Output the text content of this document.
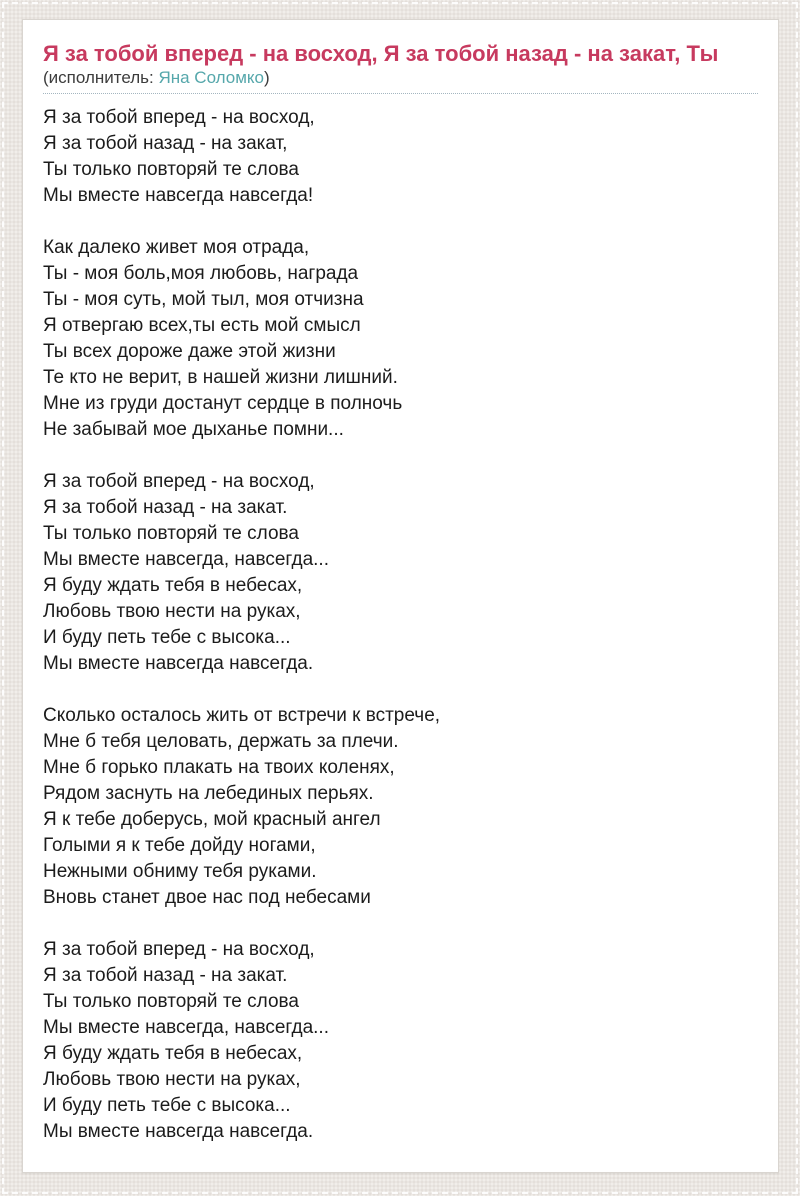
Я за тобой вперед - на восход, Я за тобой назад - на закат, Ты
(исполнитель: Яна Соломко)
Я за тобой вперед - на восход,
Я за тобой назад - на закат,
Ты только повторяй те слова
Мы вместе навсегда навсегда!

Как далеко живет моя отрада,
Ты - моя боль,моя любовь, награда
Ты - моя суть, мой тыл, моя отчизна
Я отвергаю всех,ты есть мой смысл
Ты всех дороже даже этой жизни
Те кто не верит, в нашей жизни лишний.
Мне из груди достанут сердце в полночь
Не забывай мое дыханье помни...

Я за тобой вперед - на восход,
Я за тобой назад - на закат.
Ты только повторяй те слова
Мы вместе навсегда, навсегда...
Я буду ждать тебя в небесах,
Любовь твою нести на руках,
И буду петь тебе с высока...
Мы вместе навсегда навсегда.

Сколько осталось жить от встречи к встрече,
Мне б тебя целовать, держать за плечи.
Мне б горько плакать на твоих коленях,
Рядом заснуть на лебединых перьях.
Я к тебе доберусь, мой красный ангел
Голыми я к тебе дойду ногами,
Нежными обниму тебя руками.
Вновь станет двое нас под небесами

Я за тобой вперед - на восход,
Я за тобой назад - на закат.
Ты только повторяй те слова
Мы вместе навсегда, навсегда...
Я буду ждать тебя в небесах,
Любовь твою нести на руках,
И буду петь тебе с высока...
Мы вместе навсегда навсегда.
